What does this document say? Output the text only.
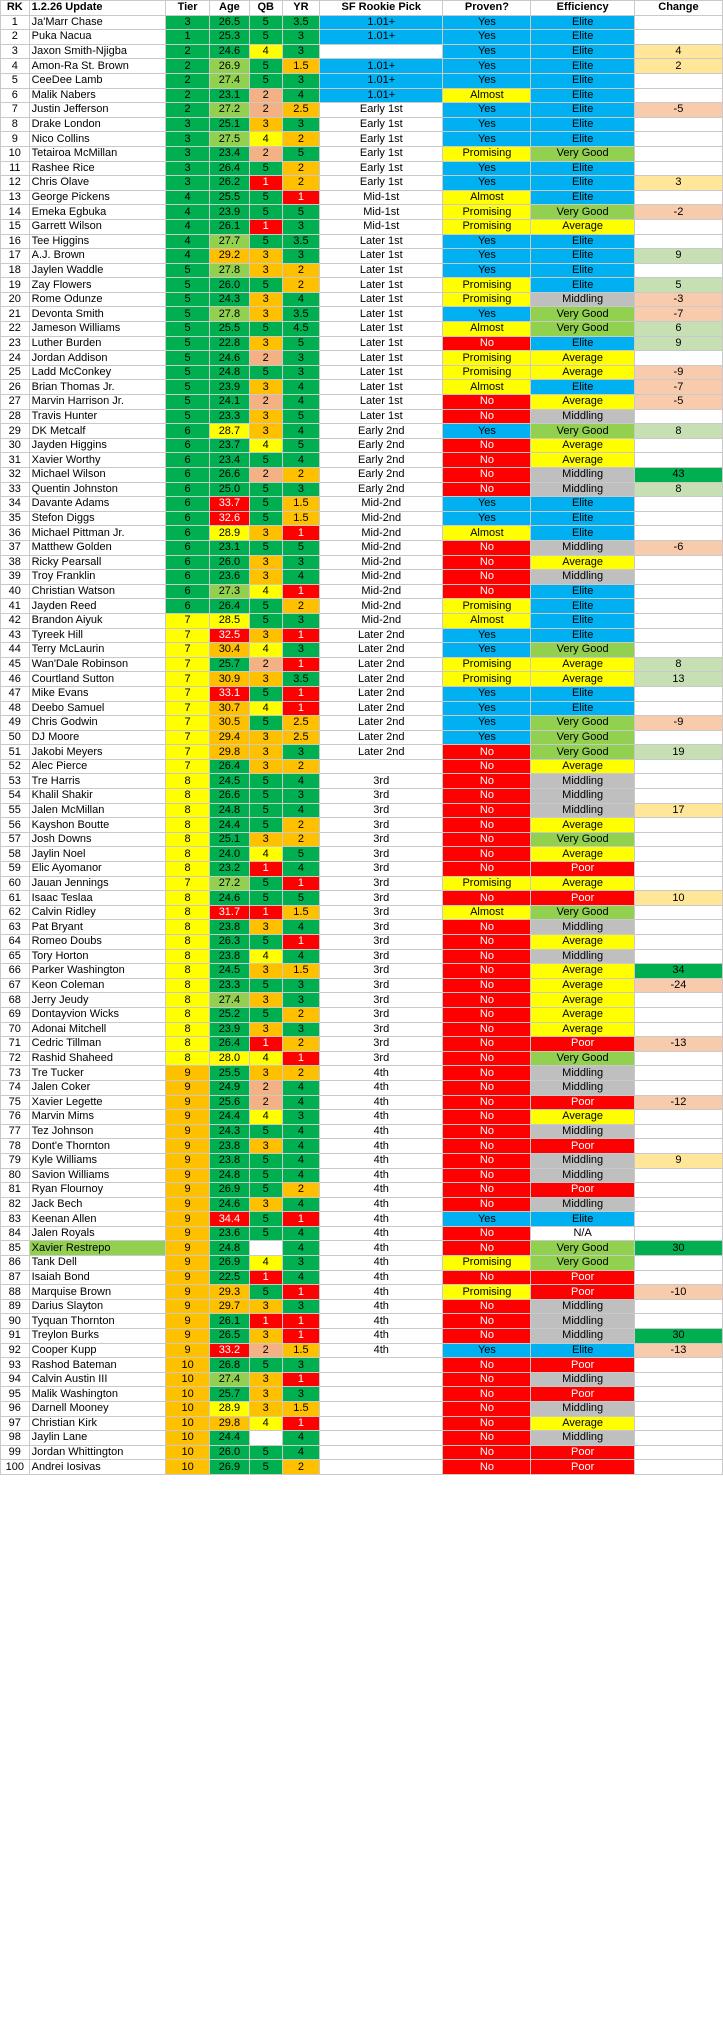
RK	1.2.26 Update	Tier	Age	QB	YR	SF Rookie Pick	Proven?	Efficiency	Change
1	Ja'Marr Chase	3	26.5	5	3.5	1.01+	Yes	Elite	
2	Puka Nacua	1	25.3	5	3	1.01+	Yes	Elite	
3	Jaxon Smith-Njigba	2	24.6	4	3		Yes	Elite	4
4	Amon-Ra St. Brown	2	26.9	5	1.5	1.01+	Yes	Elite	2
5	CeeDee Lamb	2	27.4	5	3	1.01+	Yes	Elite	
6	Malik Nabers	2	23.1	2	4	1.01+	Almost	Elite	
7	Justin Jefferson	2	27.2	2	2.5	Early 1st	Yes	Elite	-5
8	Drake London	3	25.1	3	3	Early 1st	Yes	Elite	
9	Nico Collins	3	27.5	4	2	Early 1st	Yes	Elite	
10	Tetairoa McMillan	3	23.4	2	5	Early 1st	Promising	Very Good	
11	Rashee Rice	3	26.4	5	2	Early 1st	Yes	Elite	
12	Chris Olave	3	26.2	1	2	Early 1st	Yes	Elite	3
13	George Pickens	4	25.5	5	1	Mid-1st	Almost	Elite	
14	Emeka Egbuka	4	23.9	5	5	Mid-1st	Promising	Very Good	-2
15	Garrett Wilson	4	26.1	1	3	Mid-1st	Promising	Average	
16	Tee Higgins	4	27.7	5	3.5	Later 1st	Yes	Elite	
17	A.J. Brown	4	29.2	3	3	Later 1st	Yes	Elite	9
18	Jaylen Waddle	5	27.8	3	2	Later 1st	Yes	Elite	
19	Zay Flowers	5	26.0	5	2	Later 1st	Promising	Elite	5
20	Rome Odunze	5	24.3	3	4	Later 1st	Promising	Middling	-3
21	Devonta Smith	5	27.8	3	3.5	Later 1st	Yes	Very Good	-7
22	Jameson Williams	5	25.5	5	4.5	Later 1st	Almost	Very Good	6
23	Luther Burden	5	22.8	3	5	Later 1st	No	Elite	9
24	Jordan Addison	5	24.6	2	3	Later 1st	Promising	Average	
25	Ladd McConkey	5	24.8	5	3	Later 1st	Promising	Average	-9
26	Brian Thomas Jr.	5	23.9	3	4	Later 1st	Almost	Elite	-7
27	Marvin Harrison Jr.	5	24.1	2	4	Later 1st	No	Average	-5
28	Travis Hunter	5	23.3	3	5	Later 1st	No	Middling	
29	DK Metcalf	6	28.7	3	4	Early 2nd	Yes	Very Good	8
30	Jayden Higgins	6	23.7	4	5	Early 2nd	No	Average	
31	Xavier Worthy	6	23.4	5	4	Early 2nd	No	Average	
32	Michael Wilson	6	26.6	2	2	Early 2nd	No	Middling	43
33	Quentin Johnston	6	25.0	5	3	Early 2nd	No	Middling	8
34	Davante Adams	6	33.7	5	1.5	Mid-2nd	Yes	Elite	
35	Stefon Diggs	6	32.6	5	1.5	Mid-2nd	Yes	Elite	
36	Michael Pittman Jr.	6	28.9	3	1	Mid-2nd	Almost	Elite	
37	Matthew Golden	6	23.1	5	5	Mid-2nd	No	Middling	-6
38	Ricky Pearsall	6	26.0	3	3	Mid-2nd	No	Average	
39	Troy Franklin	6	23.6	3	4	Mid-2nd	No	Middling	
40	Christian Watson	6	27.3	4	1	Mid-2nd	No	Elite	
41	Jayden Reed	6	26.4	5	2	Mid-2nd	Promising	Elite	
42	Brandon Aiyuk	7	28.5	5	3	Mid-2nd	Almost	Elite	
43	Tyreek Hill	7	32.5	3	1	Later 2nd	Yes	Elite	
44	Terry McLaurin	7	30.4	4	3	Later 2nd	Yes	Very Good	
45	Wan'Dale Robinson	7	25.7	2	1	Later 2nd	Promising	Average	8
46	Courtland Sutton	7	30.9	3	3.5	Later 2nd	Promising	Average	13
47	Mike Evans	7	33.1	5	1	Later 2nd	Yes	Elite	
48	Deebo Samuel	7	30.7	4	1	Later 2nd	Yes	Elite	
49	Chris Godwin	7	30.5	5	2.5	Later 2nd	Yes	Very Good	-9
50	DJ Moore	7	29.4	3	2.5	Later 2nd	Yes	Very Good	
51	Jakobi Meyers	7	29.8	3	3	Later 2nd	No	Very Good	19
52	Alec Pierce	7	26.4	3	2		No	Average	
53	Tre Harris	8	24.5	5	4	3rd	No	Middling	
54	Khalil Shakir	8	26.6	5	3	3rd	No	Middling	
55	Jalen McMillan	8	24.8	5	4	3rd	No	Middling	17
56	Kayshon Boutte	8	24.4	5	2	3rd	No	Average	
57	Josh Downs	8	25.1	3	2	3rd	No	Very Good	
58	Jaylin Noel	8	24.0	4	5	3rd	No	Average	
59	Elic Ayomanor	8	23.2	1	4	3rd	No	Poor	
60	Jauan Jennings	7	27.2	5	1	3rd	Promising	Average	
61	Isaac Teslaa	8	24.6	5	5	3rd	No	Poor	10
62	Calvin Ridley	8	31.7	1	1.5	3rd	Almost	Very Good	
63	Pat Bryant	8	23.8	3	4	3rd	No	Middling	
64	Romeo Doubs	8	26.3	5	1	3rd	No	Average	
65	Tory Horton	8	23.8	4	4	3rd	No	Middling	
66	Parker Washington	8	24.5	3	1.5	3rd	No	Average	34
67	Keon Coleman	8	23.3	5	3	3rd	No	Average	-24
68	Jerry Jeudy	8	27.4	3	3	3rd	No	Average	
69	Dontayvion Wicks	8	25.2	5	2	3rd	No	Average	
70	Adonai Mitchell	8	23.9	3	3	3rd	No	Average	
71	Cedric Tillman	8	26.4	1	2	3rd	No	Poor	-13
72	Rashid Shaheed	8	28.0	4	1	3rd	No	Very Good	
73	Tre Tucker	9	25.5	3	2	4th	No	Middling	
74	Jalen Coker	9	24.9	2	4	4th	No	Middling	
75	Xavier Legette	9	25.6	2	4	4th	No	Poor	-12
76	Marvin Mims	9	24.4	4	3	4th	No	Average	
77	Tez Johnson	9	24.3	5	4	4th	No	Middling	
78	Dont'e Thornton	9	23.8	3	4	4th	No	Poor	
79	Kyle Williams	9	23.8	5	4	4th	No	Middling	9
80	Savion Williams	9	24.8	5	4	4th	No	Middling	
81	Ryan Flournoy	9	26.9	5	2	4th	No	Poor	
82	Jack Bech	9	24.6	3	4	4th	No	Middling	
83	Keenan Allen	9	34.4	5	1	4th	Yes	Elite	
84	Jalen Royals	9	23.6	5	4	4th	No	N/A	
85	Xavier Restrepo	9	24.8		4	4th	No	Very Good	30
86	Tank Dell	9	26.9	4	3	4th	Promising	Very Good	
87	Isaiah Bond	9	22.5	1	4	4th	No	Poor	
88	Marquise Brown	9	29.3	5	1	4th	Promising	Poor	-10
89	Darius Slayton	9	29.7	3	3	4th	No	Middling	
90	Tyquan Thornton	9	26.1	1	1	4th	No	Middling	
91	Treylon Burks	9	26.5	3	1	4th	No	Middling	30
92	Cooper Kupp	9	33.2	2	1.5	4th	Yes	Elite	-13
93	Rashod Bateman	10	26.8	5	3		No	Poor	
94	Calvin Austin III	10	27.4	3	1		No	Middling	
95	Malik Washington	10	25.7	3	3		No	Poor	
96	Darnell Mooney	10	28.9	3	1.5		No	Middling	
97	Christian Kirk	10	29.8	4	1		No	Average	
98	Jaylin Lane	10	24.4		4		No	Middling	
99	Jordan Whittington	10	26.0	5	4		No	Poor	
100	Andrei Iosivas	10	26.9	5	2		No	Poor	
